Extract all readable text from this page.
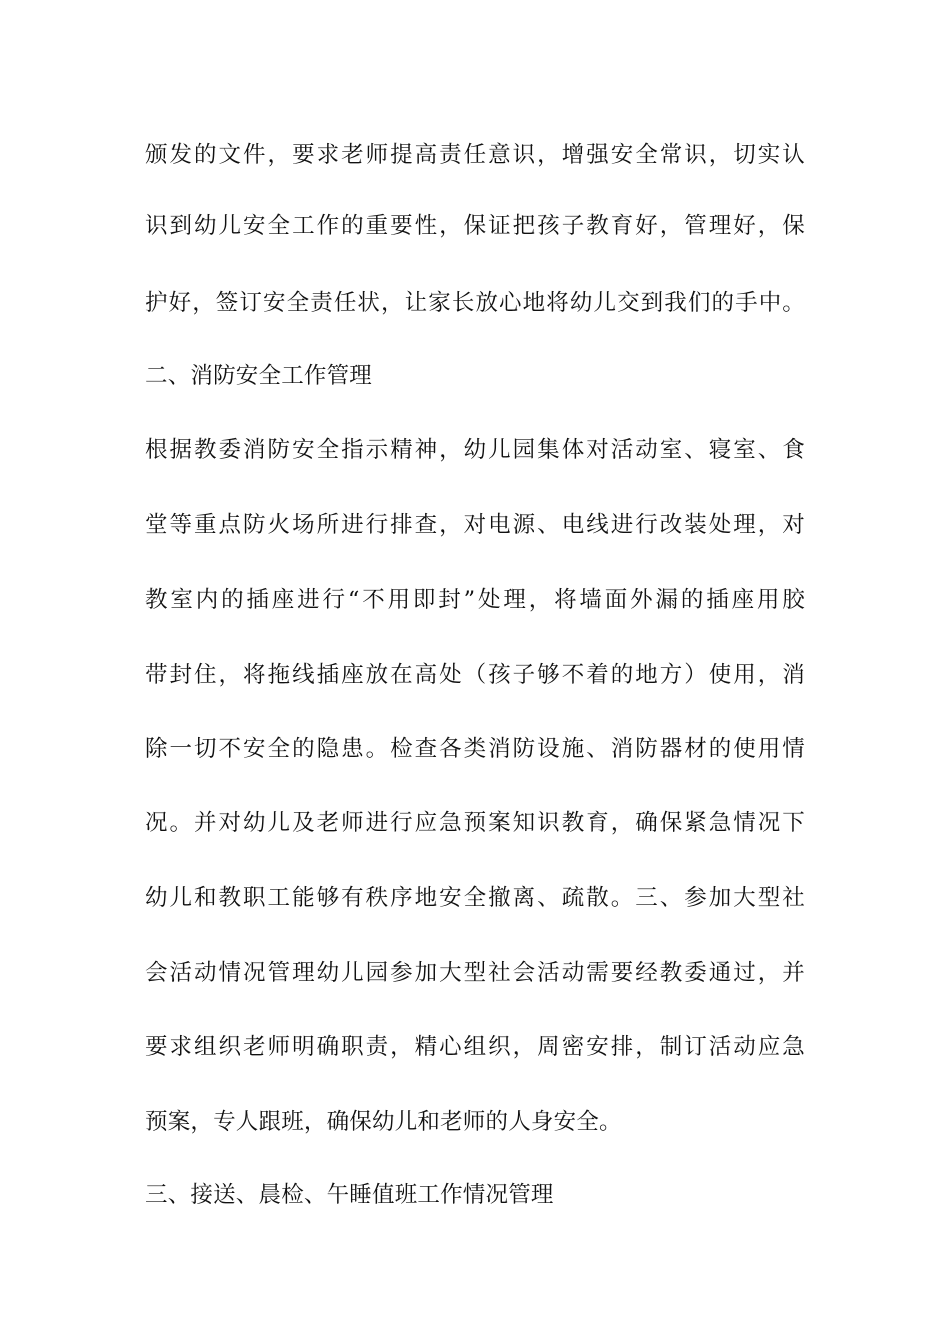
颁发的文件，要求老师提高责任意识，增强安全常识，切实认
识到幼儿安全工作的重要性，保证把孩子教育好，管理好，保
护好，签订安全责任状，让家长放心地将幼儿交到我们的手中。
二、消防安全工作管理
根据教委消防安全指示精神，幼儿园集体对活动室、寝室、食
堂等重点防火场所进行排查，对电源、电线进行改装处理，对
教室内的插座进行“不用即封”处理，将墙面外漏的插座用胶
带封住，将拖线插座放在高处（孩子够不着的地方）使用，消
除一切不安全的隐患。检查各类消防设施、消防器材的使用情
况。并对幼儿及老师进行应急预案知识教育，确保紧急情况下
幼儿和教职工能够有秩序地安全撤离、疏散。三、参加大型社
会活动情况管理幼儿园参加大型社会活动需要经教委通过，并
要求组织老师明确职责，精心组织，周密安排，制订活动应急
预案，专人跟班，确保幼儿和老师的人身安全。
三、接送、晨检、午睡值班工作情况管理
